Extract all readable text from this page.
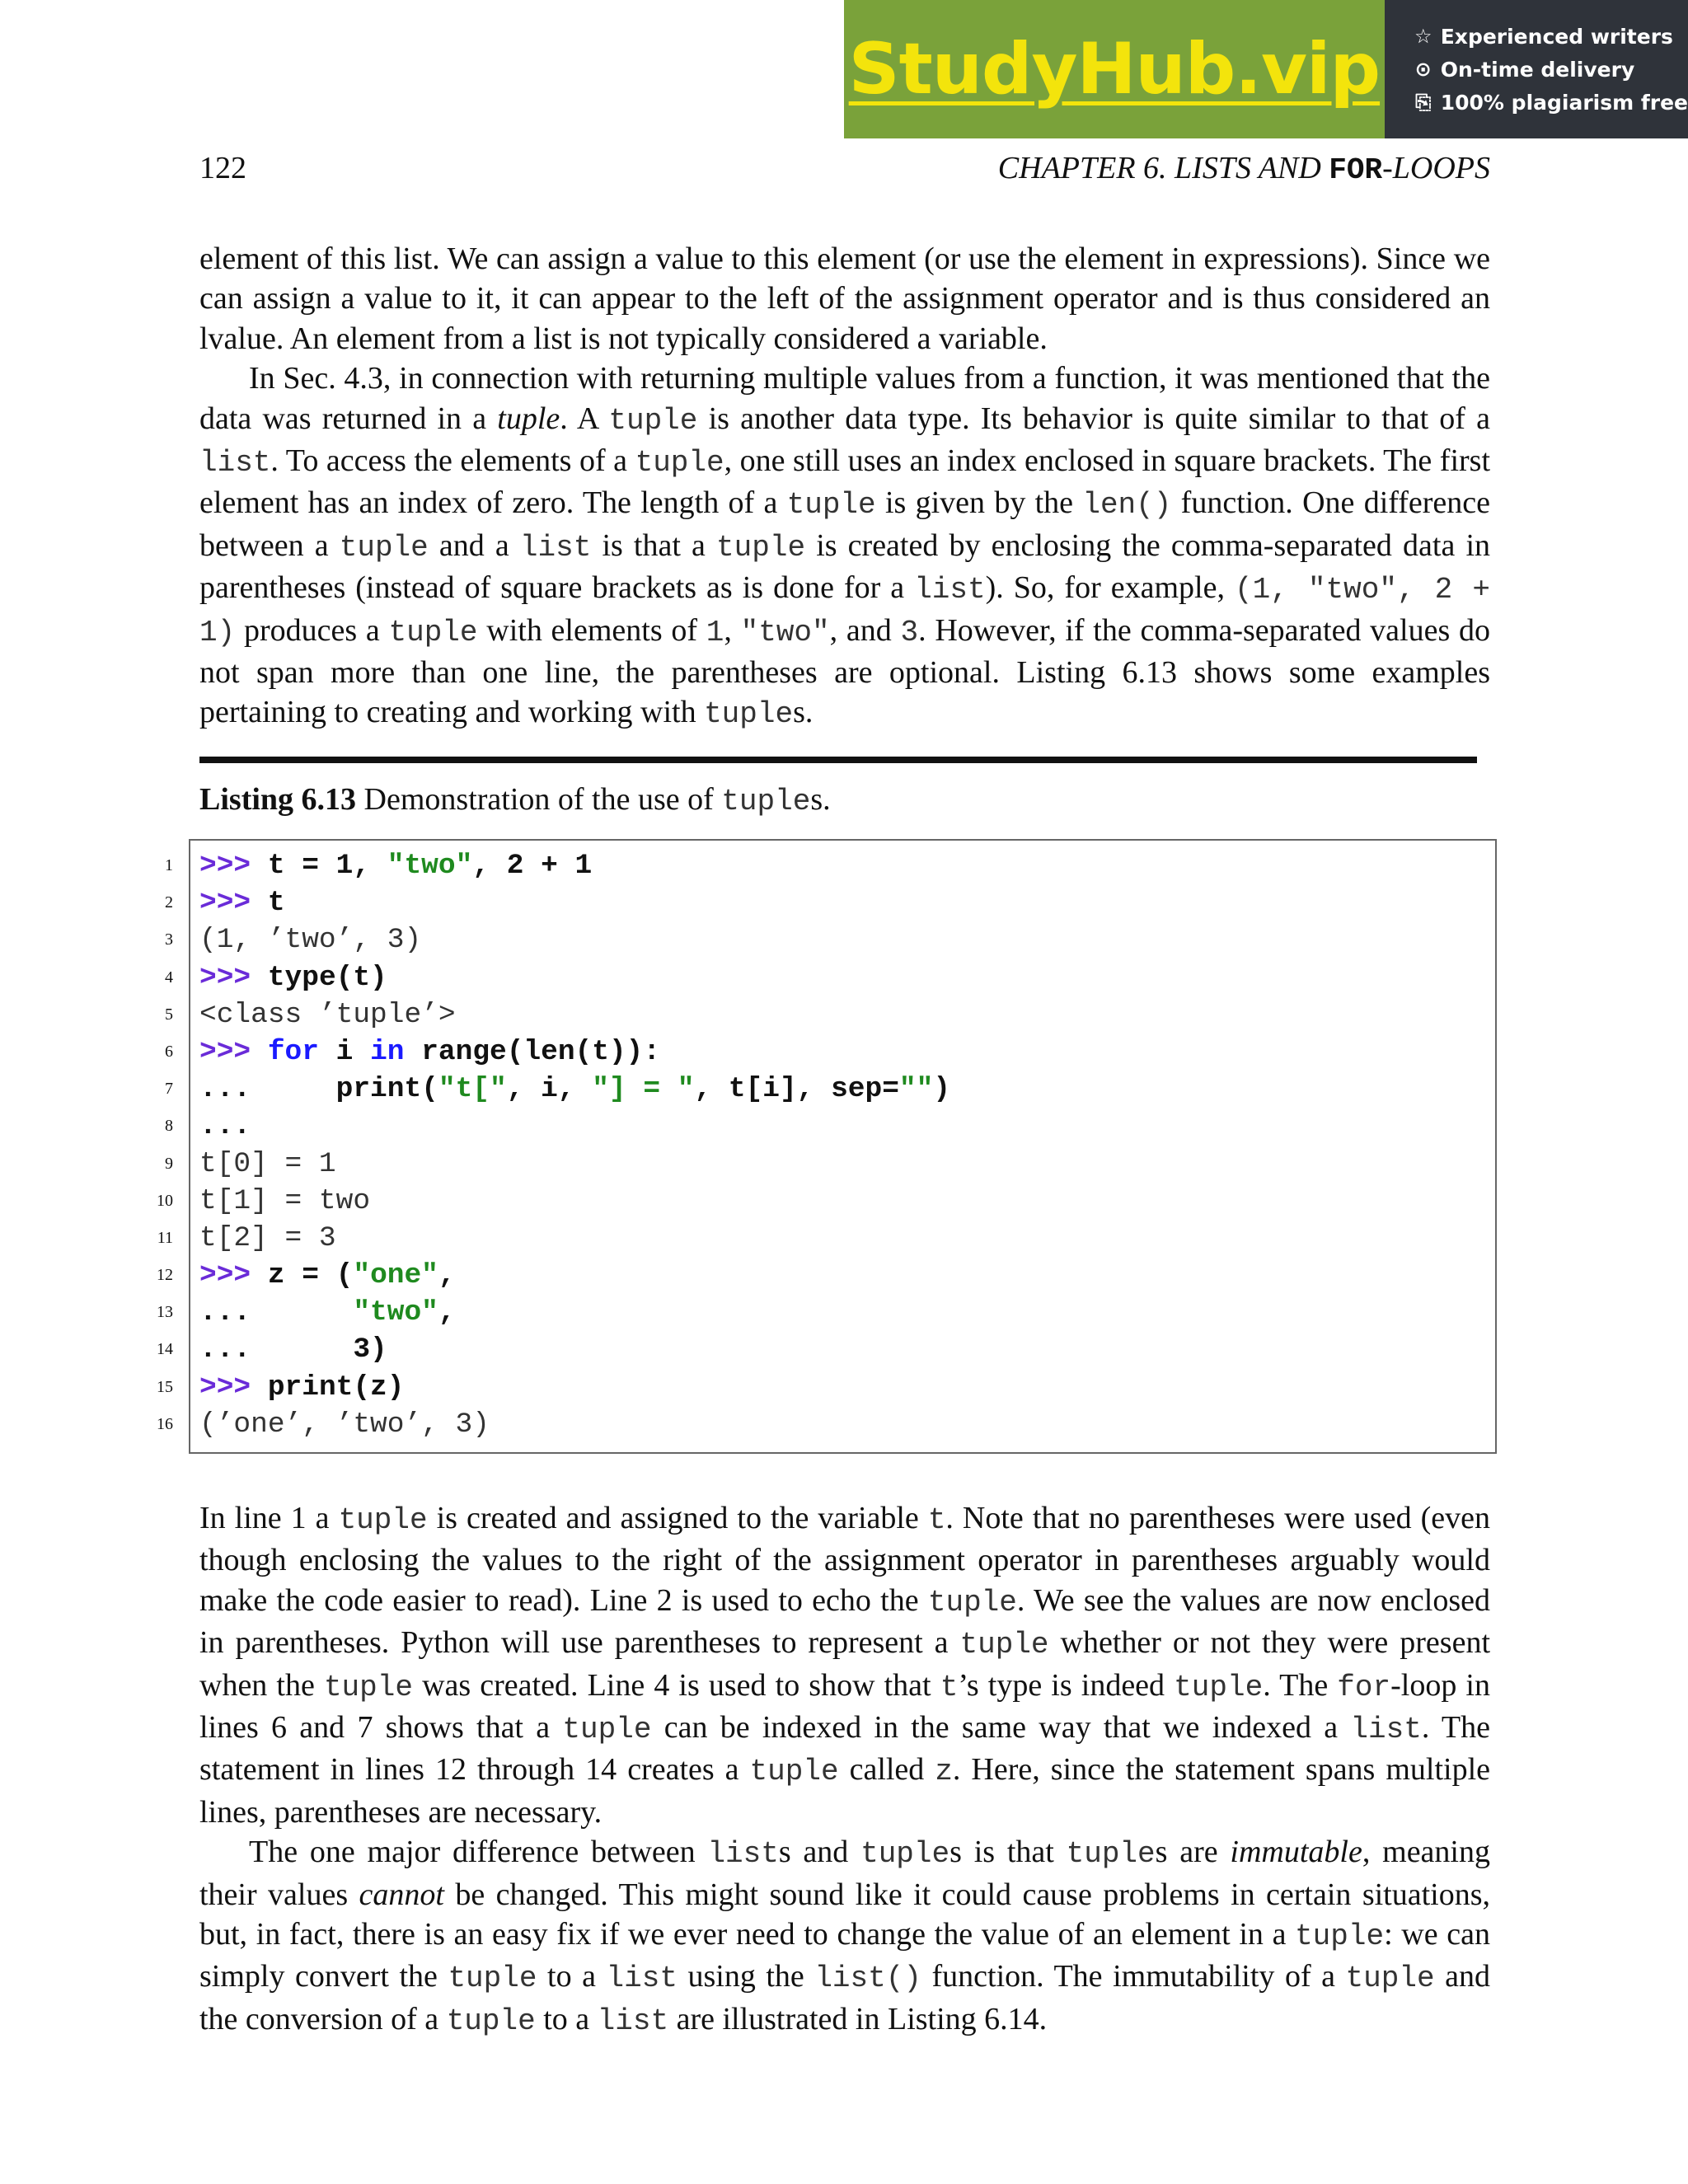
StudyHub.vip ☆ Experienced writers
⊙ On-time delivery
⎘ 100% plagiarism free
122	CHAPTER 6. LISTS AND FOR-LOOPS

element of this list. We can assign a value to this element (or use the element in expressions). Since we can assign a value to it, it can appear to the left of the assignment operator and is thus considered an lvalue. An element from a list is not typically considered a variable.

In Sec. 4.3, in connection with returning multiple values from a function, it was mentioned that the data was returned in a tuple. A tuple is another data type. Its behavior is quite similar to that of a list. To access the elements of a tuple, one still uses an index enclosed in square brackets. The first element has an index of zero. The length of a tuple is given by the len() function. One difference between a tuple and a list is that a tuple is created by enclosing the comma-separated data in parentheses (instead of square brackets as is done for a list). So, for example, (1, "two", 2 + 1) produces a tuple with elements of 1, "two", and 3. However, if the comma-separated values do not span more than one line, the parentheses are optional. Listing 6.13 shows some examples pertaining to creating and working with tuples.

Listing 6.13 Demonstration of the use of tuples.
1
2
3
4
5
6
7
8
9
10
11
12
13
14
15
16
>>> t = 1, "two", 2 + 1
>>> t
(1, ’two’, 3)
>>> type(t)
<class ’tuple’>
>>> for i in range(len(t)):
...     print("t[", i, "] = ", t[i], sep="")
...
t[0] = 1
t[1] = two
t[2] = 3
>>> z = ("one",
...      "two",
...      3)
>>> print(z)
(’one’, ’two’, 3)

In line 1 a tuple is created and assigned to the variable t. Note that no parentheses were used (even though enclosing the values to the right of the assignment operator in parentheses arguably would make the code easier to read). Line 2 is used to echo the tuple. We see the values are now enclosed in parentheses. Python will use parentheses to represent a tuple whether or not they were present when the tuple was created. Line 4 is used to show that t’s type is indeed tuple. The for-loop in lines 6 and 7 shows that a tuple can be indexed in the same way that we indexed a list. The statement in lines 12 through 14 creates a tuple called z. Here, since the statement spans multiple lines, parentheses are necessary.

The one major difference between lists and tuples is that tuples are immutable, meaning their values cannot be changed. This might sound like it could cause problems in certain situations, but, in fact, there is an easy fix if we ever need to change the value of an element in a tuple: we can simply convert the tuple to a list using the list() function. The immutability of a tuple and the conversion of a tuple to a list are illustrated in Listing 6.14.
